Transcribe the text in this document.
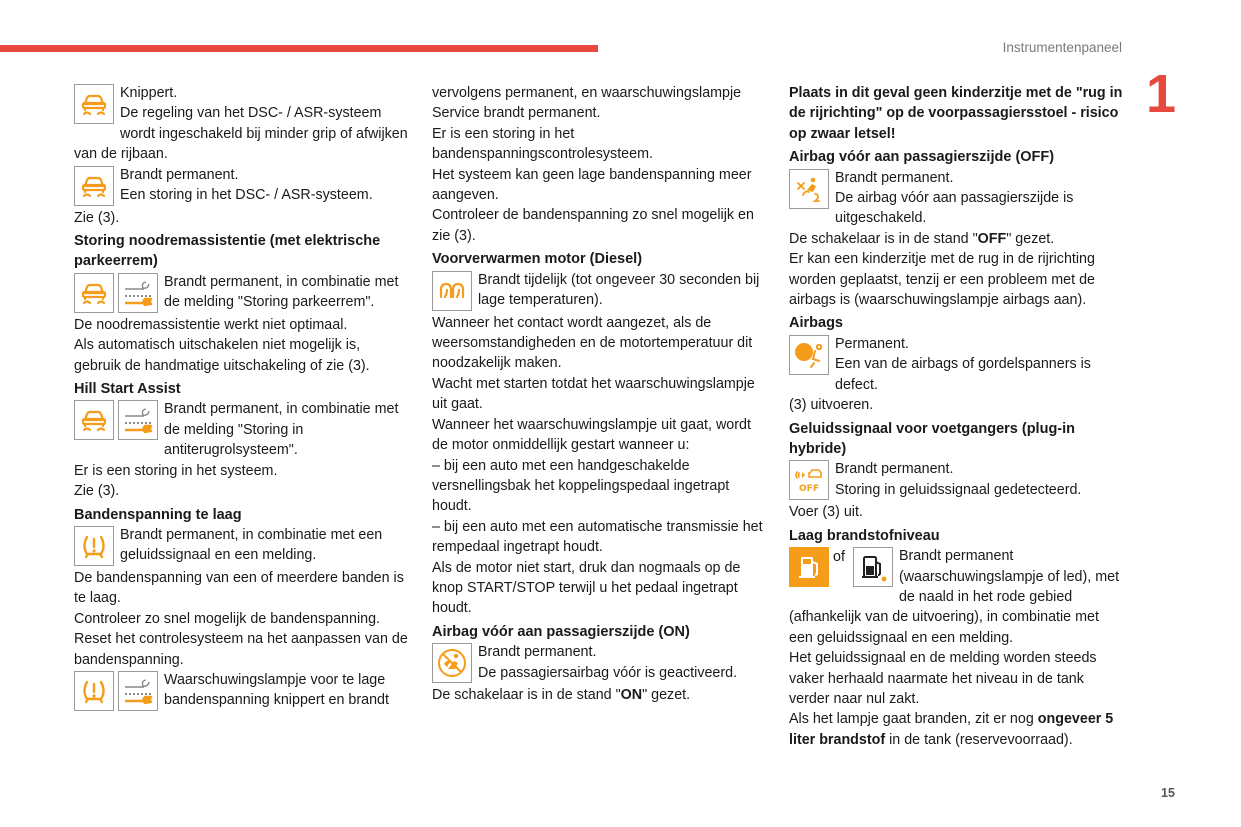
Instrumentenpaneel
1
15

Knippert.

De regeling van het DSC- / ASR-systeem wordt ingeschakeld bij minder grip of afwijken van de rijbaan.

Brandt permanent.

Een storing in het DSC- / ASR-systeem.

Zie (3).

Storing noodremassistentie (met elektrische parkeerrem)

Brandt permanent, in combinatie met de melding "Storing parkeerrem".

De noodremassistentie werkt niet optimaal.

Als automatisch uitschakelen niet mogelijk is, gebruik de handmatige uitschakeling of zie (3).

Hill Start Assist

Brandt permanent, in combinatie met de melding "Storing in antiterugrolsysteem".

Er is een storing in het systeem.

Zie (3).

Bandenspanning te laag

Brandt permanent, in combinatie met een geluidssignaal en een melding.

De bandenspanning van een of meerdere banden is te laag.

Controleer zo snel mogelijk de bandenspanning.

Reset het controlesysteem na het aanpassen van de bandenspanning.

Waarschuwingslampje voor te lage bandenspanning knippert en brandt

vervolgens permanent, en waarschuwingslampje Service brandt permanent.

Er is een storing in het bandenspanningscontrolesysteem.

Het systeem kan geen lage bandenspanning meer aangeven.

Controleer de bandenspanning zo snel mogelijk en zie (3).

Voorverwarmen motor (Diesel)

Brandt tijdelijk (tot ongeveer 30 seconden bij lage temperaturen).

Wanneer het contact wordt aangezet, als de weersomstandigheden en de motortemperatuur dit noodzakelijk maken.

Wacht met starten totdat het waarschuwingslampje uit gaat.

Wanneer het waarschuwingslampje uit gaat, wordt de motor onmiddellijk gestart wanneer u:

– bij een auto met een handgeschakelde versnellingsbak het koppelingspedaal ingetrapt houdt.

– bij een auto met een automatische transmissie het rempedaal ingetrapt houdt.

Als de motor niet start, druk dan nogmaals op de knop START/STOP terwijl u het pedaal ingetrapt houdt.

Airbag vóór aan passagierszijde (ON)

Brandt permanent.

De passagiersairbag vóór is geactiveerd.

De schakelaar is in de stand "ON" gezet.

Plaats in dit geval geen kinderzitje met de "rug in de rijrichting" op de voorpassagiersstoel - risico op zwaar letsel!

Airbag vóór aan passagierszijde (OFF)

Brandt permanent.

De airbag vóór aan passagierszijde is uitgeschakeld.

De schakelaar is in de stand "OFF" gezet.

Er kan een kinderzitje met de rug in de rijrichting worden geplaatst, tenzij er een probleem met de airbags is (waarschuwingslampje airbags aan).

Airbags

Permanent.

Een van de airbags of gordelspanners is defect.

(3) uitvoeren.

Geluidssignaal voor voetgangers (plug-in hybride)
OFF

Brandt permanent.

Storing in geluidssignaal gedetecteerd.

Voer (3) uit.

Laag brandstofniveau
of	Brandt permanent (waarschuwingslampje of led), met de naald in het rode gebied (afhankelijk van de uitvoering), in combinatie met een geluidssignaal en een melding.

Het geluidssignaal en de melding worden steeds vaker herhaald naarmate het niveau in de tank verder naar nul zakt.

Als het lampje gaat branden, zit er nog ongeveer 5 liter brandstof in de tank (reservevoorraad).
